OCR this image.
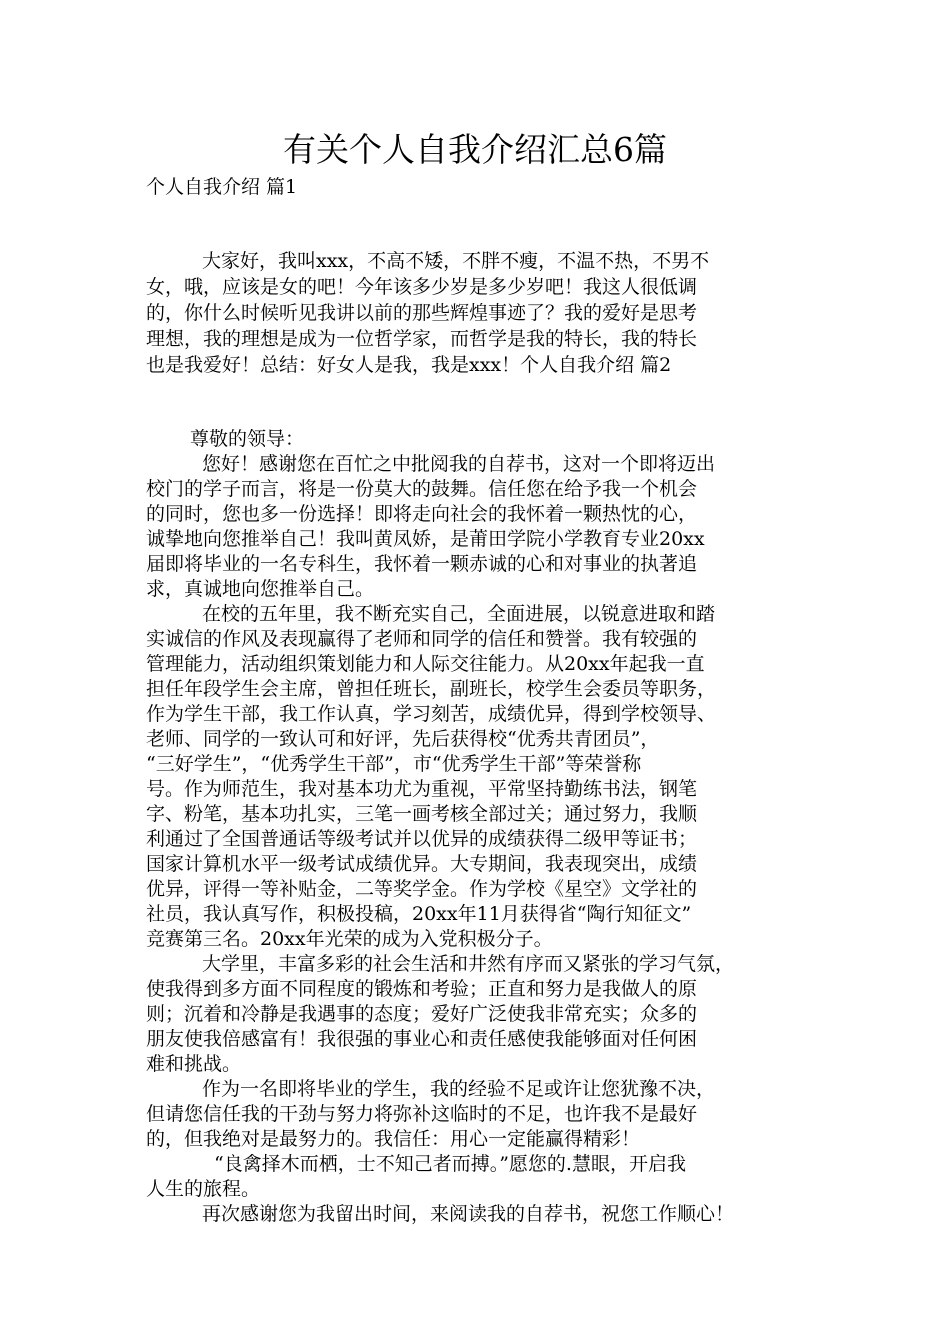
有关个人自我介绍汇总6篇
个人自我介绍 篇1
大家好，我叫xxx，不高不矮，不胖不瘦，不温不热，不男不
女，哦，应该是女的吧！今年该多少岁是多少岁吧！我这人很低调
的，你什么时候听见我讲以前的那些辉煌事迹了？我的爱好是思考
理想，我的理想是成为一位哲学家，而哲学是我的特长，我的特长
也是我爱好！总结：好女人是我，我是xxx！个人自我介绍 篇2
尊敬的领导：
您好！感谢您在百忙之中批阅我的自荐书，这对一个即将迈出
校门的学子而言，将是一份莫大的鼓舞。信任您在给予我一个机会
的同时，您也多一份选择！即将走向社会的我怀着一颗热忱的心，
诚挚地向您推举自己！我叫黄凤娇，是莆田学院小学教育专业20xx
届即将毕业的一名专科生，我怀着一颗赤诚的心和对事业的执著追
求，真诚地向您推举自己。
在校的五年里，我不断充实自己，全面进展，以锐意进取和踏
实诚信的作风及表现赢得了老师和同学的信任和赞誉。我有较强的
管理能力，活动组织策划能力和人际交往能力。从20xx年起我一直
担任年段学生会主席，曾担任班长，副班长，校学生会委员等职务，
作为学生干部，我工作认真，学习刻苦，成绩优异，得到学校领导、
老师、同学的一致认可和好评，先后获得校“优秀共青团员”，
“三好学生”，“优秀学生干部”，市“优秀学生干部”等荣誉称
号。作为师范生，我对基本功尤为重视，平常坚持勤练书法，钢笔
字、粉笔，基本功扎实，三笔一画考核全部过关；通过努力，我顺
利通过了全国普通话等级考试并以优异的成绩获得二级甲等证书；
国家计算机水平一级考试成绩优异。大专期间，我表现突出，成绩
优异，评得一等补贴金，二等奖学金。作为学校《星空》文学社的
社员，我认真写作，积极投稿，20xx年11月获得省“陶行知征文”
竞赛第三名。20xx年光荣的成为入党积极分子。
大学里，丰富多彩的社会生活和井然有序而又紧张的学习气氛，
使我得到多方面不同程度的锻炼和考验；正直和努力是我做人的原
则；沉着和冷静是我遇事的态度；爱好广泛使我非常充实；众多的
朋友使我倍感富有！我很强的事业心和责任感使我能够面对任何困
难和挑战。
作为一名即将毕业的学生，我的经验不足或许让您犹豫不决，
但请您信任我的干劲与努力将弥补这临时的不足，也许我不是最好
的，但我绝对是最努力的。我信任：用心一定能赢得精彩！
“良禽择木而栖，士不知己者而搏。”愿您的.慧眼，开启我
人生的旅程。
再次感谢您为我留出时间，来阅读我的自荐书，祝您工作顺心！
